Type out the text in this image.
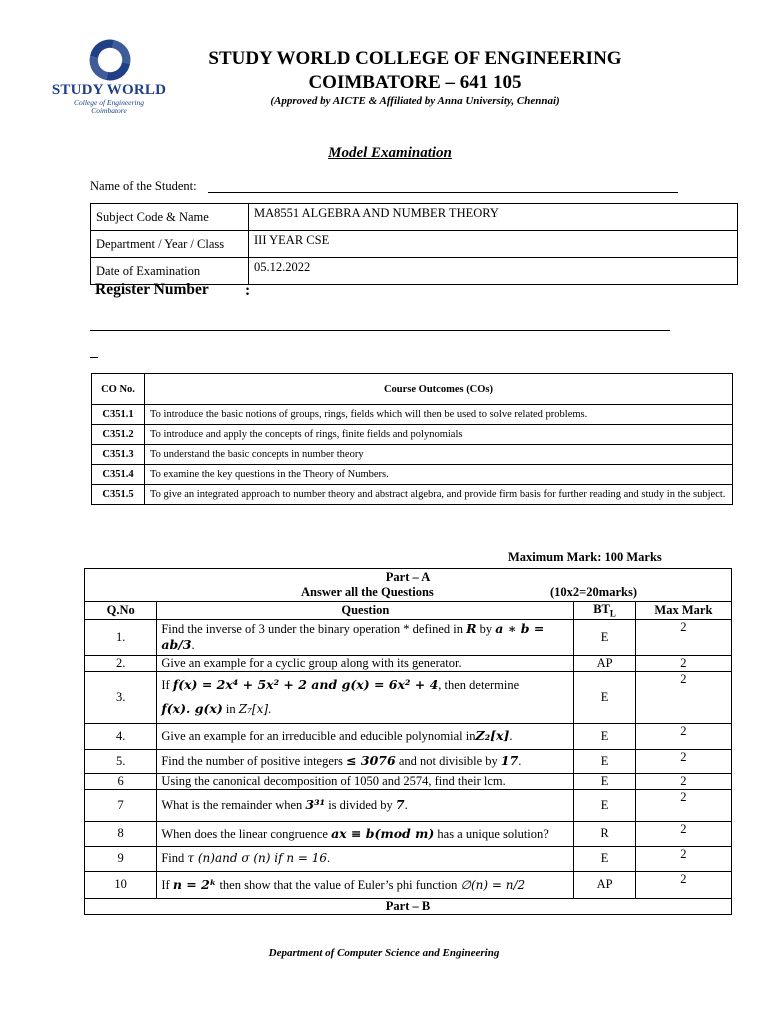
STUDY WORLD
College of Engineering
Coimbatore
STUDY WORLD COLLEGE OF ENGINEERING
COIMBATORE – 641 105
(Approved by AICTE & Affiliated by Anna University, Chennai)
Model Examination
Name of the Student:
Subject Code & Name	MA8551 ALGEBRA AND NUMBER THEORY
Department / Year / Class	III YEAR CSE
Date of Examination	05.12.2022
Register Number :
CO No.	Course Outcomes (COs)
C351.1	To introduce the basic notions of groups, rings, fields which will then be used to solve related problems.
C351.2	To introduce and apply the concepts of rings, finite fields and polynomials
C351.3	To understand the basic concepts in number theory
C351.4	To examine the key questions in the Theory of Numbers.
C351.5	To give an integrated approach to number theory and abstract algebra, and provide firm basis for further reading and study in the subject.
Maximum Mark: 100 Marks
Part – A
Answer all the Questions (10x2=20marks)			

Q.No	Question	$BT_L$	Max Mark
1.	Find the inverse of 3 under the binary operation * defined in R by a ∗ b = ab/3.	E	2
2.	Give an example for a cyclic group along with its generator.	AP	2
3.	If f(x) = 2x⁴ + 5x² + 2 and g(x) = 6x² + 4, then determine
f(x). g(x) in Z₇[x].	E	2
4.	Give an example for an irreducible and educible polynomial inZ₂[x].	E	2
5.	Find the number of positive integers ≤ 3076 and not divisible by 17.	E	2
6	Using the canonical decomposition of 1050 and 2574, find their lcm.	E	2
7	What is the remainder when 3³¹ is divided by 7.	E	2
8	When does the linear congruence ax ≡ b(mod m) has a unique solution?	R	2
9	Find τ (n)and σ (n) if n = 16.	E	2
10	If n = 2ᵏ then show that the value of Euler’s phi function ∅(n) = n/2	AP	2
Part – B			
Department of Computer Science and Engineering
